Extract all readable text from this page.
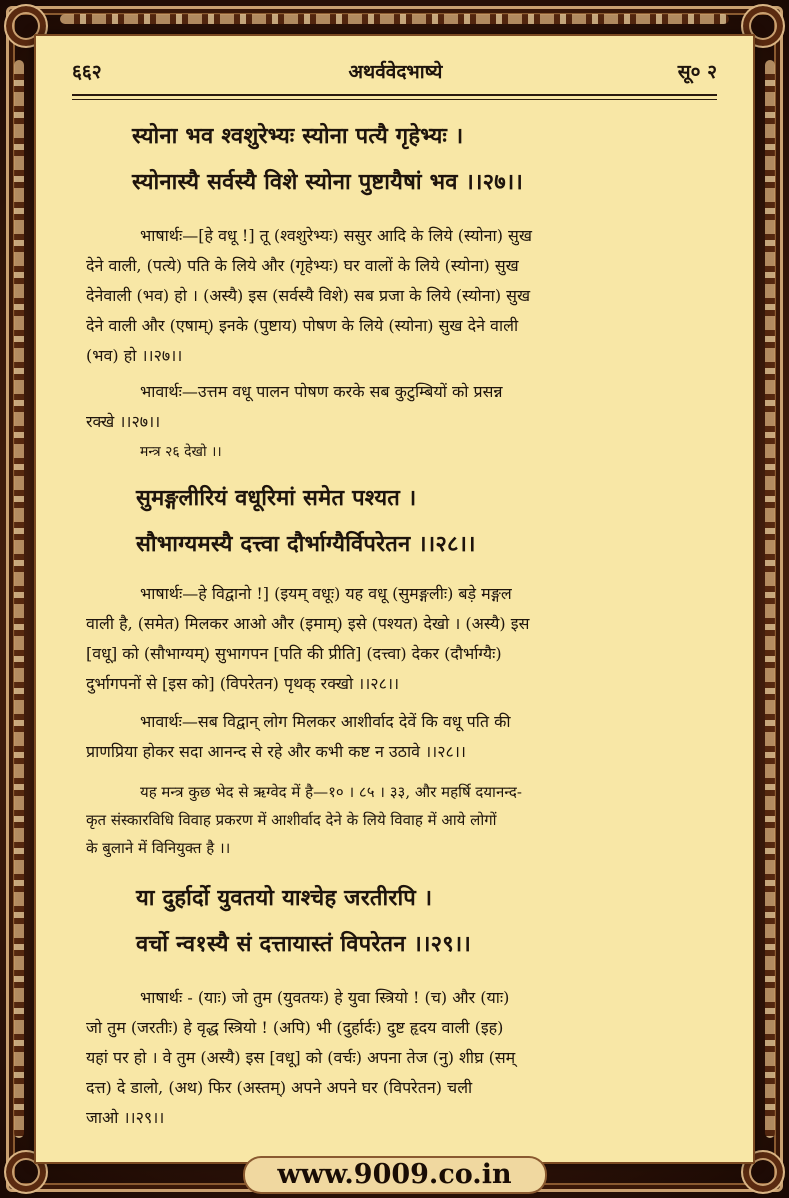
६६२	अथर्ववेदभाष्ये	सू० २
स्योना भव श्वशुरेभ्यः स्योना पत्यै गृहेभ्यः ।
स्योनास्यै सर्वस्यै विशे स्योना पुष्टायैषां भव ।।२७।।
भाषार्थः—[हे वधू !] तू (श्वशुरेभ्यः) ससुर आदि के लिये (स्योना) सुख
देने वाली, (पत्ये) पति के लिये और (गृहेभ्यः) घर वालों के लिये (स्योना) सुख
देनेवाली (भव) हो । (अस्यै) इस (सर्वस्यै विशे) सब प्रजा के लिये (स्योना) सुख
देने वाली और (एषाम्) इनके (पुष्टाय) पोषण के लिये (स्योना) सुख देने वाली
(भव) हो ।।२७।।
भावार्थः—उत्तम वधू पालन पोषण करके सब कुटुम्बियों को प्रसन्न
रक्खे ।।२७।।
मन्त्र २६ देखो ।।
सुमङ्गलीरियं वधूरिमां समेत पश्यत ।
सौभाग्यमस्यै दत्त्वा दौर्भाग्यैर्विपरेतन ।।२८।।
भाषार्थः—हे विद्वानो !] (इयम् वधूः) यह वधू (सुमङ्गलीः) बड़े मङ्गल
वाली है, (समेत) मिलकर आओ और (इमाम्) इसे (पश्यत) देखो । (अस्यै) इस
[वधू] को (सौभाग्यम्) सुभागपन [पति की प्रीति] (दत्त्वा) देकर (दौर्भाग्यैः)
दुर्भागपनों से [इस को] (विपरेतन) पृथक् रक्खो ।।२८।।
भावार्थः—सब विद्वान् लोग मिलकर आशीर्वाद देवें कि वधू पति की
प्राणप्रिया होकर सदा आनन्द से रहे और कभी कष्ट न उठावे ।।२८।।
यह मन्त्र कुछ भेद से ऋग्वेद में है—१० । ८५ । ३३, और महर्षि दयानन्द-
कृत संस्कारविधि विवाह प्रकरण में आशीर्वाद देने के लिये विवाह में आये लोगों
के बुलाने में विनियुक्त है ।।
या दुर्हार्दो युवतयो याश्चेह जरतीरपि ।
वर्चो न्व१स्यै सं दत्तायास्तं विपरेतन ।।२९।।
भाषार्थः - (याः) जो तुम (युवतयः) हे युवा स्त्रियो ! (च) और (याः)
जो तुम (जरतीः) हे वृद्ध स्त्रियो ! (अपि) भी (दुर्हार्दः) दुष्ट हृदय वाली (इह)
यहां पर हो । वे तुम (अस्यै) इस [वधू] को (वर्चः) अपना तेज (नु) शीघ्र (सम्
दत्त) दे डालो, (अथ) फिर (अस्तम्) अपने अपने घर (विपरेतन) चली
जाओ ।।२९।।
www.9009.co.in
